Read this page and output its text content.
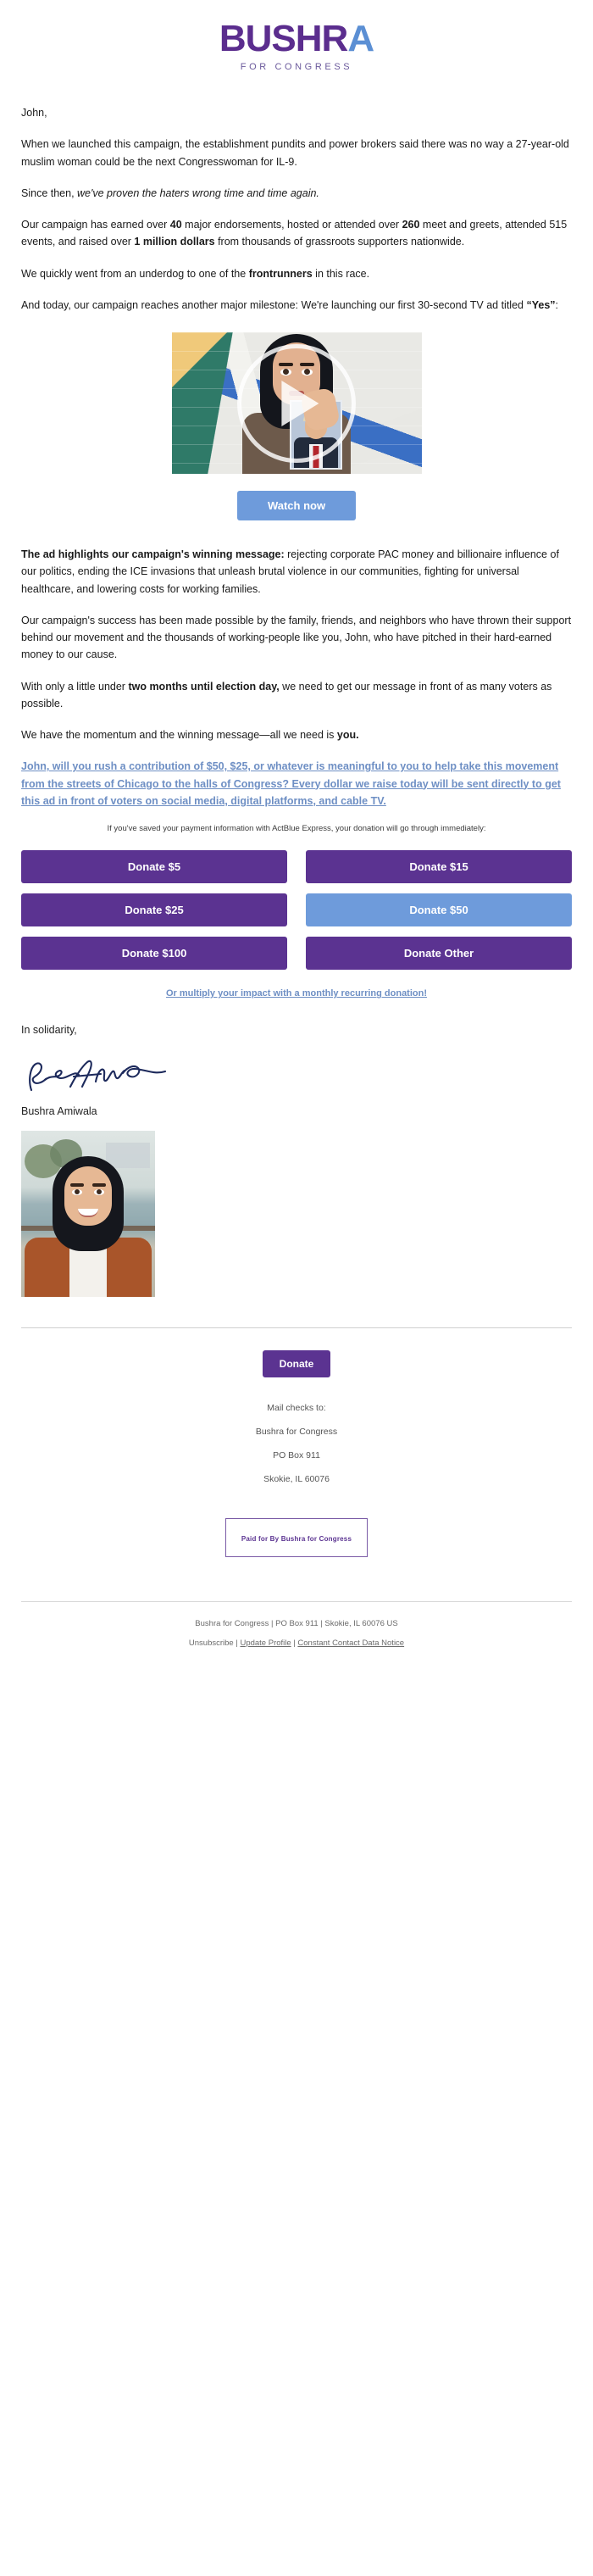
BUSHRA
FOR CONGRESS

John,

When we launched this campaign, the establishment pundits and power brokers said there was no way a 27-year-old muslim woman could be the next Congresswoman for IL-9.

Since then, we've proven the haters wrong time and time again.

Our campaign has earned over 40 major endorsements, hosted or attended over 260 meet and greets, attended 515 events, and raised over 1 million dollars from thousands of grassroots supporters nationwide.

We quickly went from an underdog to one of the frontrunners in this race.

And today, our campaign reaches another major milestone: We're launching our first 30-second TV ad titled “Yes”:

Watch now

The ad highlights our campaign's winning message: rejecting corporate PAC money and billionaire influence of our politics, ending the ICE invasions that unleash brutal violence in our communities, fighting for universal healthcare, and lowering costs for working families.

Our campaign's success has been made possible by the family, friends, and neighbors who have thrown their support behind our movement and the thousands of working-people like you, John, who have pitched in their hard-earned money to our cause.

With only a little under two months until election day, we need to get our message in front of as many voters as possible.

We have the momentum and the winning message—all we need is you.

John, will you rush a contribution of $50, $25, or whatever is meaningful to you to help take this movement from the streets of Chicago to the halls of Congress? Every dollar we raise today will be sent directly to get this ad in front of voters on social media, digital platforms, and cable TV.
If you've saved your payment information with ActBlue Express, your donation will go through immediately:
Donate $5	Donate $15
Donate $25	Donate $50
Donate $100	Donate Other
Or multiply your impact with a monthly recurring donation!

In solidarity,

Bushra Amiwala

Donate
Mail checks to:
Bushra for Congress
PO Box 911
Skokie, IL 60076
Paid for By Bushra for Congress
Bushra for Congress | PO Box 911 | Skokie, IL 60076 US
Unsubscribe | Update Profile | Constant Contact Data Notice
